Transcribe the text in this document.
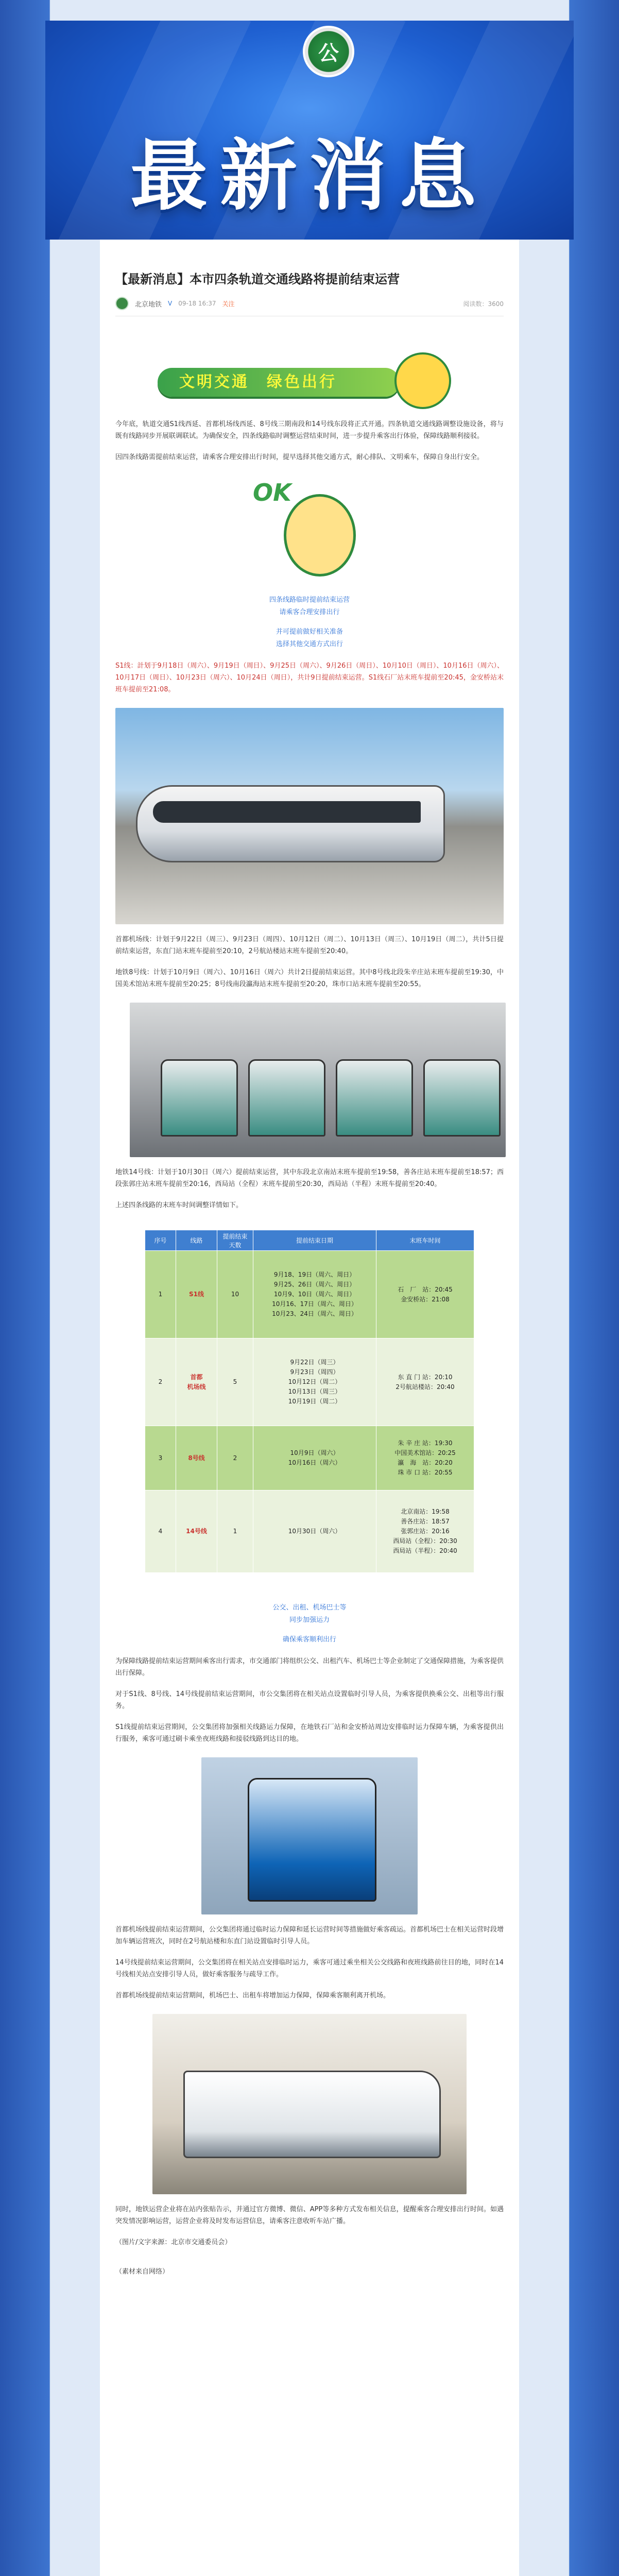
公
最新消息
【最新消息】本市四条轨道交通线路将提前结束运营
北京地铁 V 09-18 16:37 关注	阅读数：3600
文明交通　绿色出行

今年底，轨道交通S1线西延、首都机场线西延、8号线三期南段和14号线东段将正式开通。四条轨道交通线路调整设施设备，将与既有线路同步开展联调联试。为确保安全，四条线路临时调整运营结束时间，进一步提升乘客出行体验，保障线路顺利接驳。

因四条线路需提前结束运营，请乘客合理安排出行时间，提早选择其他交通方式，耐心排队、文明乘车，保障自身出行安全。

OK
四条线路临时提前结束运营
请乘客合理安排出行
并可提前做好相关准备
选择其他交通方式出行

S1线：計划于9月18日（周六）、9月19日（周日）、9月25日（周六）、9月26日（周日）、10月10日（周日）、10月16日（周六）、10月17日（周日）、10月23日（周六）、10月24日（周日），共计9日提前结束运营。S1线石厂站末班车提前至20:45，金安桥站末班车提前至21:08。

首都机场线：计划于9月22日（周三）、9月23日（周四）、10月12日（周二）、10月13日（周三）、10月19日（周二），共计5日提前结束运营，东直门站末班车提前至20:10，2号航站楼站末班车提前至20:40。

地铁8号线：计划于10月9日（周六）、10月16日（周六）共计2日提前结束运营。其中8号线北段朱辛庄站末班车提前至19:30，中国美术馆站末班车提前至20:25；8号线南段瀛海站末班车提前至20:20，珠市口站末班车提前至20:55。

地铁14号线：计划于10月30日（周六）提前结束运营，其中东段北京南站末班车提前至19:58，善各庄站末班车提前至18:57；西段张郭庄站末班车提前至20:16，西局站（全程）末班车提前至20:30，西局站（半程）末班车提前至20:40。

上述四条线路的末班车时间调整详情如下。

序号	线路	提前结束
天数	提前结束日期	末班车时间
1	S1线	10	9月18、19日（周六、周日）
9月25、26日（周六、周日）
10月9、10日（周六、周日）
10月16、17日（周六、周日）
10月23、24日（周六、周日）	石　厂　站：20:45
金安桥站：21:08
2	首都
机场线	5	9月22日（周三）
9月23日（周四）
10月12日（周二）
10月13日（周三）
10月19日（周二）	东 直 门 站：20:10
2号航站楼站：20:40
3	8号线	2	10月9日（周六）
10月16日（周六）	朱 辛 庄 站：19:30
中国美术馆站：20:25
瀛　海　站：20:20
珠 市 口 站：20:55
4	14号线	1	10月30日（周六）	北京南站：19:58
善各庄站：18:57
张郭庄站：20:16
西局站（全程）：20:30
西局站（半程）：20:40
公交、出租、机场巴士等
同步加强运力
确保乘客顺利出行

为保障线路提前结束运营期间乘客出行需求，市交通部门将组织公交、出租汽车、机场巴士等企业制定了交通保障措施，为乘客提供出行保障。

对于S1线、8号线、14号线提前结束运营期间，市公交集团将在相关站点设置临时引导人员，为乘客提供换乘公交、出租等出行服务。

S1线提前结束运营期间，公交集团将加强相关线路运力保障，在地铁石厂站和金安桥站周边安排临时运力保障车辆，为乘客提供出行服务，乘客可通过刷卡乘坐夜班线路和接驳线路到达目的地。

首都机场线提前结束运营期间，公交集团将通过临时运力保障和延长运营时间等措施做好乘客疏运。首都机场巴士在相关运营时段增加车辆运营班次，同时在2号航站楼和东直门站设置临时引导人员。

14号线提前结束运营期间，公交集团将在相关站点安排临时运力，乘客可通过乘坐相关公交线路和夜班线路前往目的地，同时在14号线相关站点安排引导人员，做好乘客服务与疏导工作。

首都机场线提前结束运营期间，机场巴士、出租车将增加运力保障，保障乘客顺利离开机场。

同时，地铁运营企业将在站内张贴告示，并通过官方微博、微信、APP等多种方式发布相关信息，提醒乘客合理安排出行时间。如遇突发情况影响运营，运营企业将及时发布运营信息，请乘客注意收听车站广播。

（图片/文字来源：北京市交通委员会）

（素材来自网络）
